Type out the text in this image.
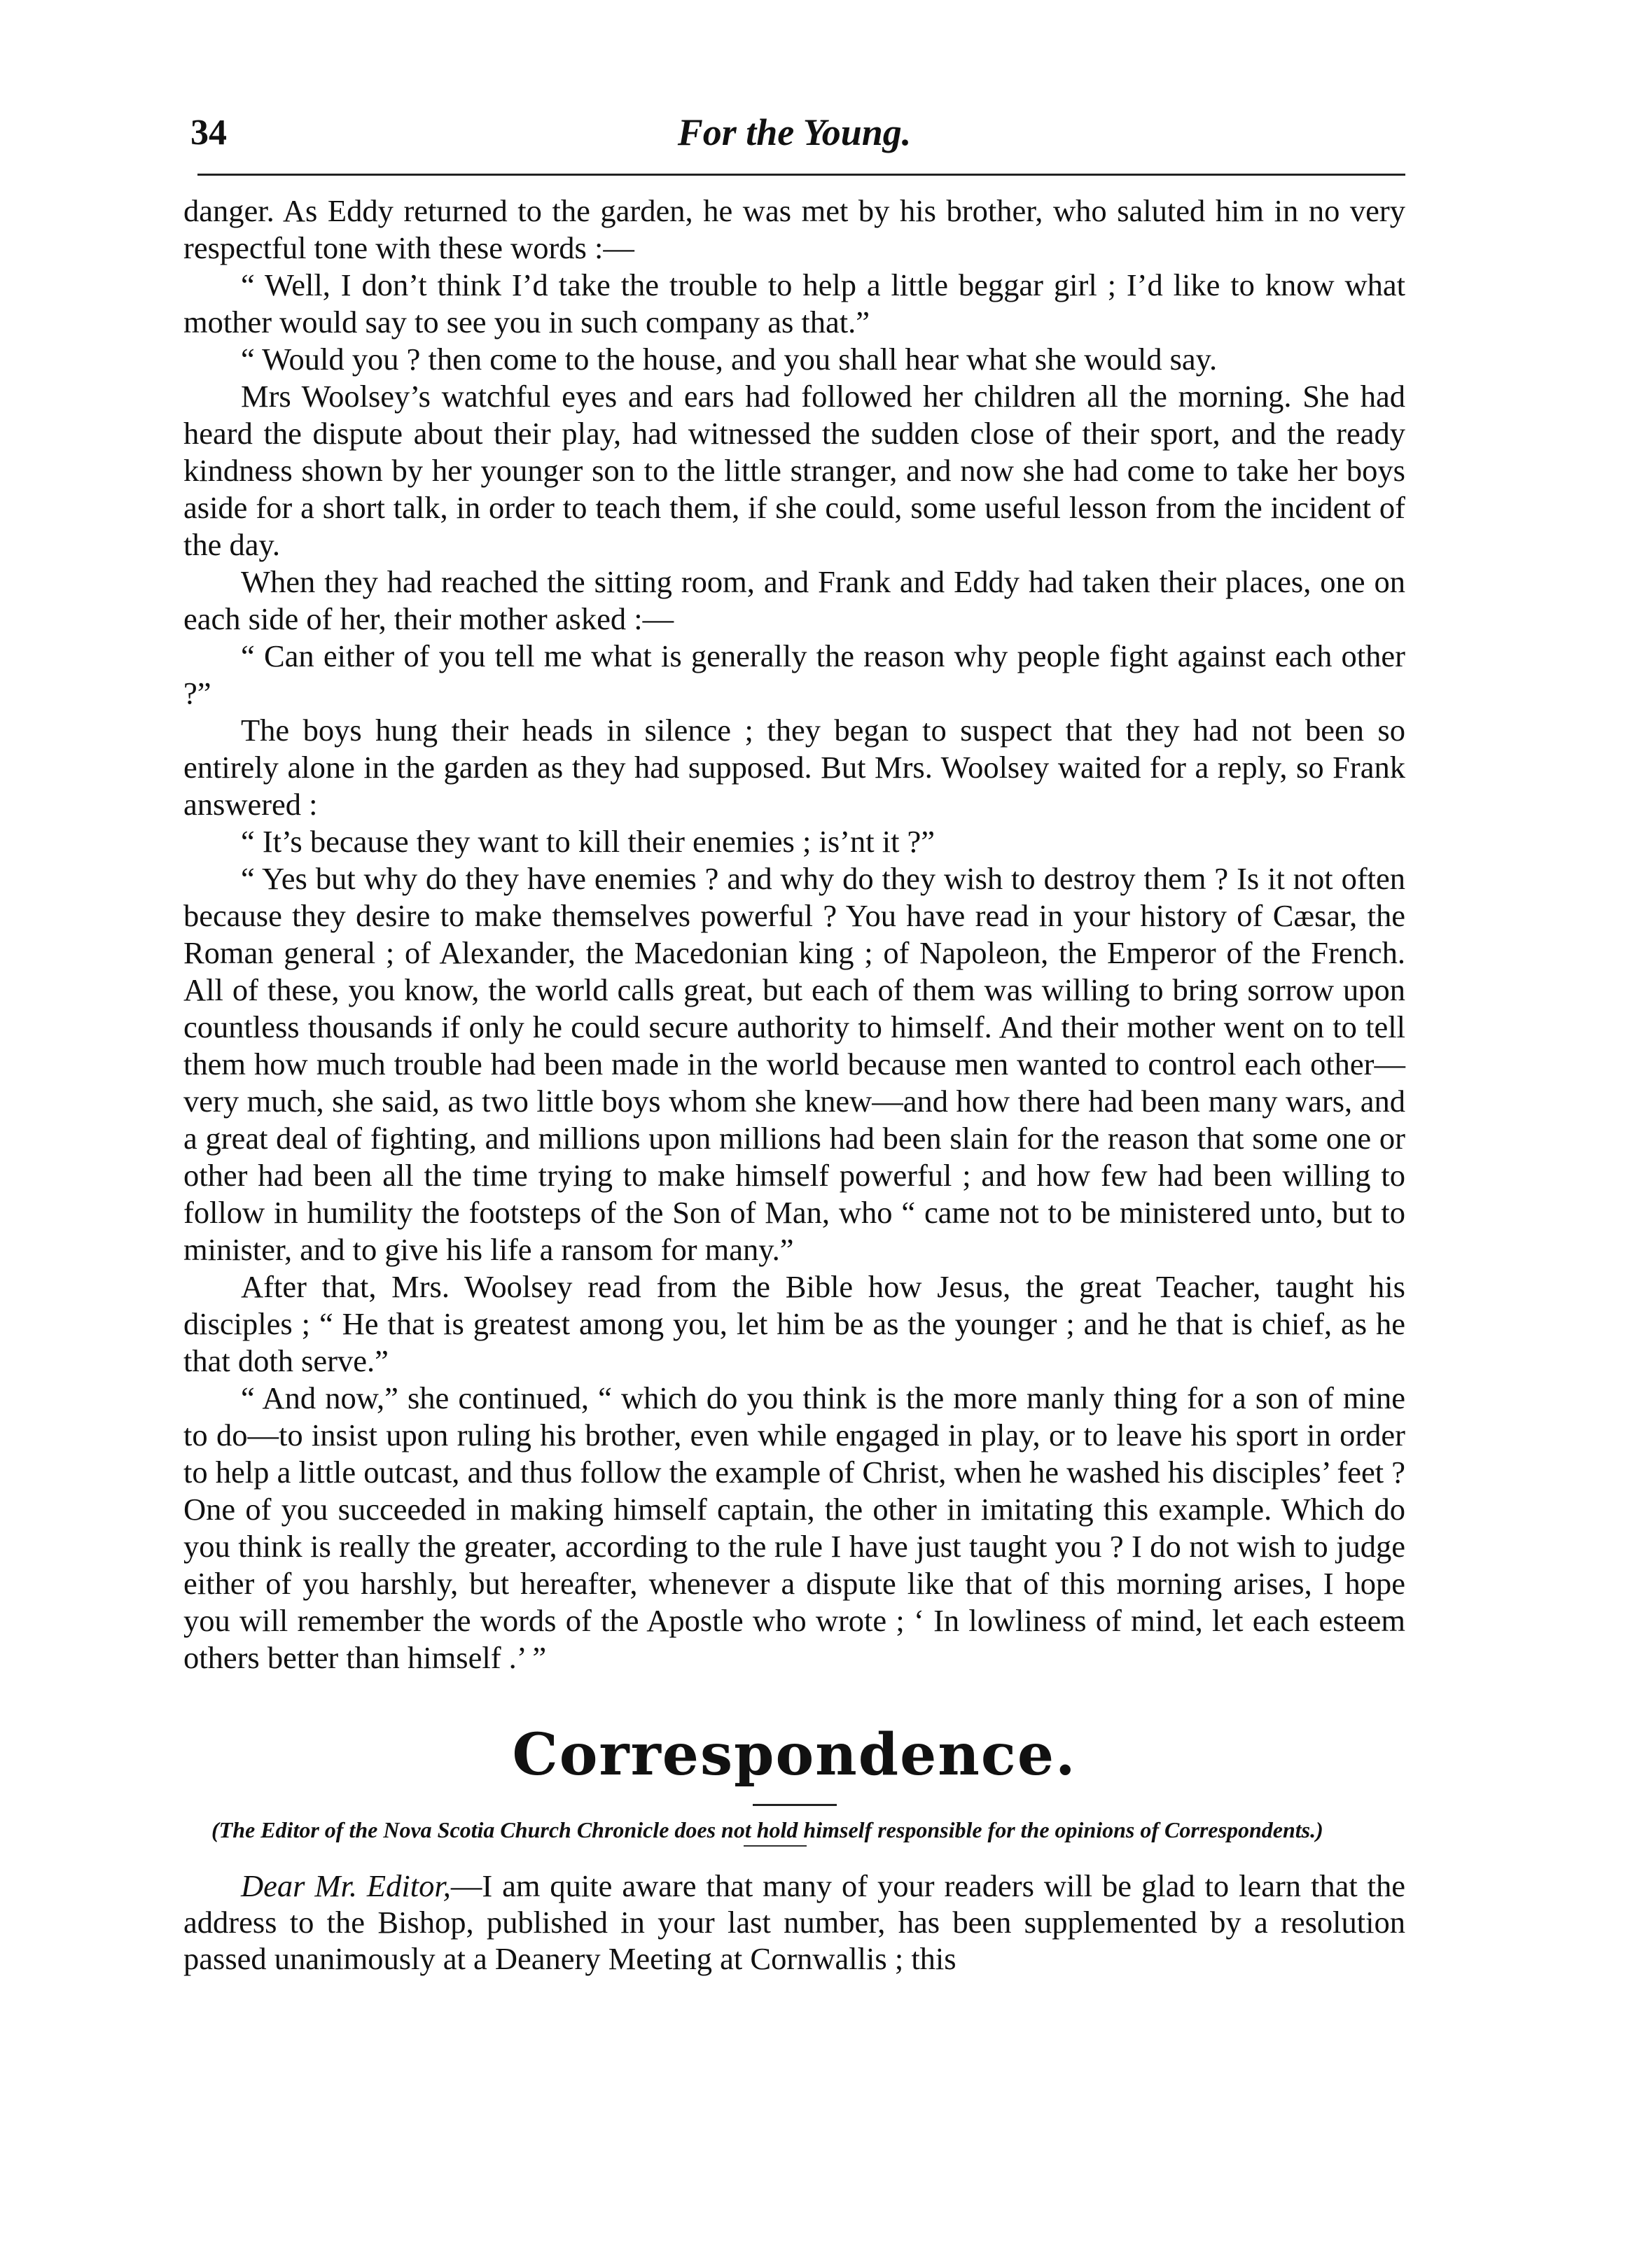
34	For the Young.

danger. As Eddy returned to the garden, he was met by his brother, who saluted him in no very respectful tone with these words :—

“ Well, I don’t think I’d take the trouble to help a little beggar girl ; I’d like to know what mother would say to see you in such company as that.”

“ Would you ? then come to the house, and you shall hear what she would say.

Mrs Woolsey’s watchful eyes and ears had followed her children all the morning. She had heard the dispute about their play, had witnessed the sudden close of their sport, and the ready kindness shown by her younger son to the little stranger, and now she had come to take her boys aside for a short talk, in order to teach them, if she could, some useful lesson from the incident of the day.

When they had reached the sitting room, and Frank and Eddy had taken their places, one on each side of her, their mother asked :—

“ Can either of you tell me what is generally the reason why people fight against each other ?”

The boys hung their heads in silence ; they began to suspect that they had not been so entirely alone in the garden as they had supposed. But Mrs. Woolsey waited for a reply, so Frank answered :

“ It’s because they want to kill their enemies ; is’nt it ?”

“ Yes but why do they have enemies ? and why do they wish to destroy them ? Is it not often because they desire to make themselves powerful ? You have read in your history of Cæsar, the Roman general ; of Alexander, the Macedonian king ; of Napoleon, the Emperor of the French. All of these, you know, the world calls great, but each of them was willing to bring sorrow upon countless thousands if only he could secure authority to himself. And their mother went on to tell them how much trouble had been made in the world because men wanted to control each other—very much, she said, as two little boys whom she knew—and how there had been many wars, and a great deal of fighting, and millions upon millions had been slain for the reason that some one or other had been all the time trying to make himself powerful ; and how few had been willing to follow in humility the footsteps of the Son of Man, who “ came not to be ministered unto, but to minister, and to give his life a ransom for many.”

After that, Mrs. Woolsey read from the Bible how Jesus, the great Teacher, taught his disciples ; “ He that is greatest among you, let him be as the younger ; and he that is chief, as he that doth serve.”

“ And now,” she continued, “ which do you think is the more manly thing for a son of mine to do—to insist upon ruling his brother, even while engaged in play, or to leave his sport in order to help a little outcast, and thus follow the example of Christ, when he washed his disciples’ feet ? One of you succeeded in making himself captain, the other in imitating this example. Which do you think is really the greater, according to the rule I have just taught you ? I do not wish to judge either of you harshly, but hereafter, whenever a dispute like that of this morning arises, I hope you will remember the words of the Apostle who wrote ; ‘ In lowliness of mind, let each esteem others better than himself .’ ”

Correspondence.

(The Editor of the Nova Scotia Church Chronicle does not hold himself responsible for the opinions of Correspondents.)

Dear Mr. Editor,—I am quite aware that many of your readers will be glad to learn that the address to the Bishop, published in your last number, has been supplemented by a resolution passed unanimously at a Deanery Meeting at Cornwallis ; this
